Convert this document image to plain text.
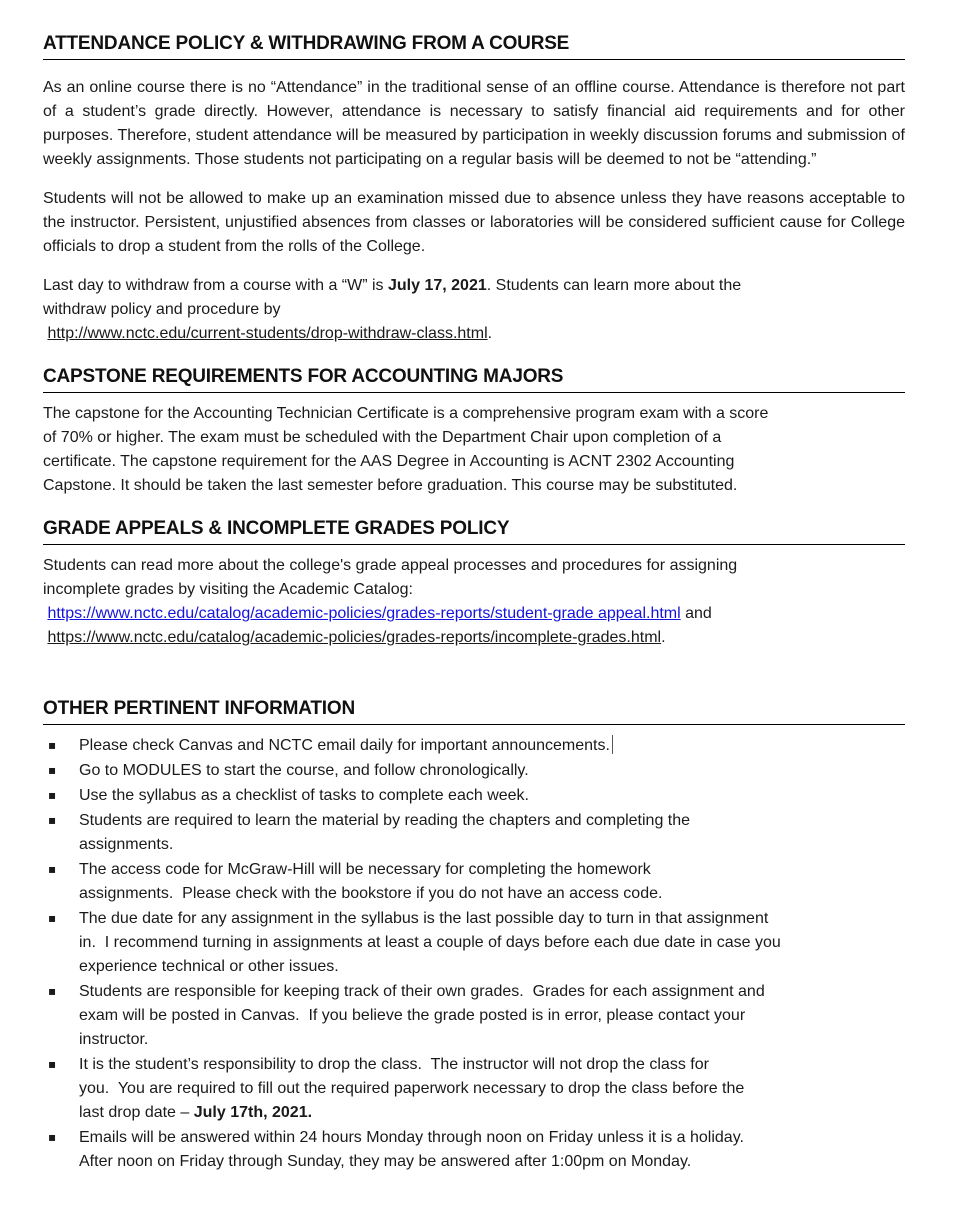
ATTENDANCE POLICY & WITHDRAWING FROM A COURSE

As an online course there is no “Attendance” in the traditional sense of an offline course. Attendance is therefore not part of a student’s grade directly. However, attendance is necessary to satisfy financial aid requirements and for other purposes. Therefore, student attendance will be measured by participation in weekly discussion forums and submission of weekly assignments. Those students not participating on a regular basis will be deemed to not be “attending.”

Students will not be allowed to make up an examination missed due to absence unless they have reasons acceptable to the instructor. Persistent, unjustified absences from classes or laboratories will be considered sufficient cause for College officials to drop a student from the rolls of the College.

Last day to withdraw from a course with a “W” is July 17, 2021. Students can learn more about the
withdraw policy and procedure by
http://www.nctc.edu/current-students/drop-withdraw-class.html.

CAPSTONE REQUIREMENTS FOR ACCOUNTING MAJORS

The capstone for the Accounting Technician Certificate is a comprehensive program exam with a score
of 70% or higher. The exam must be scheduled with the Department Chair upon completion of a
certificate. The capstone requirement for the AAS Degree in Accounting is ACNT 2302 Accounting
Capstone. It should be taken the last semester before graduation. This course may be substituted.

GRADE APPEALS & INCOMPLETE GRADES POLICY

Students can read more about the college's grade appeal processes and procedures for assigning
incomplete grades by visiting the Academic Catalog:
https://www.nctc.edu/catalog/academic-policies/grades-reports/student-grade appeal.html and
https://www.nctc.edu/catalog/academic-policies/grades-reports/incomplete-grades.html.

OTHER PERTINENT INFORMATION
▪ Please check Canvas and NCTC email daily for important announcements.
▪ Go to MODULES to start the course, and follow chronologically.
▪ Use the syllabus as a checklist of tasks to complete each week.
▪ Students are required to learn the material by reading the chapters and completing the
assignments.
▪ The access code for McGraw-Hill will be necessary for completing the homework
assignments.  Please check with the bookstore if you do not have an access code.
▪ The due date for any assignment in the syllabus is the last possible day to turn in that assignment
in.  I recommend turning in assignments at least a couple of days before each due date in case you
experience technical or other issues.
▪ Students are responsible for keeping track of their own grades.  Grades for each assignment and
exam will be posted in Canvas.  If you believe the grade posted is in error, please contact your
instructor.
▪ It is the student’s responsibility to drop the class.  The instructor will not drop the class for
you.  You are required to fill out the required paperwork necessary to drop the class before the
last drop date – July 17th, 2021.
▪ Emails will be answered within 24 hours Monday through noon on Friday unless it is a holiday.
After noon on Friday through Sunday, they may be answered after 1:00pm on Monday.
